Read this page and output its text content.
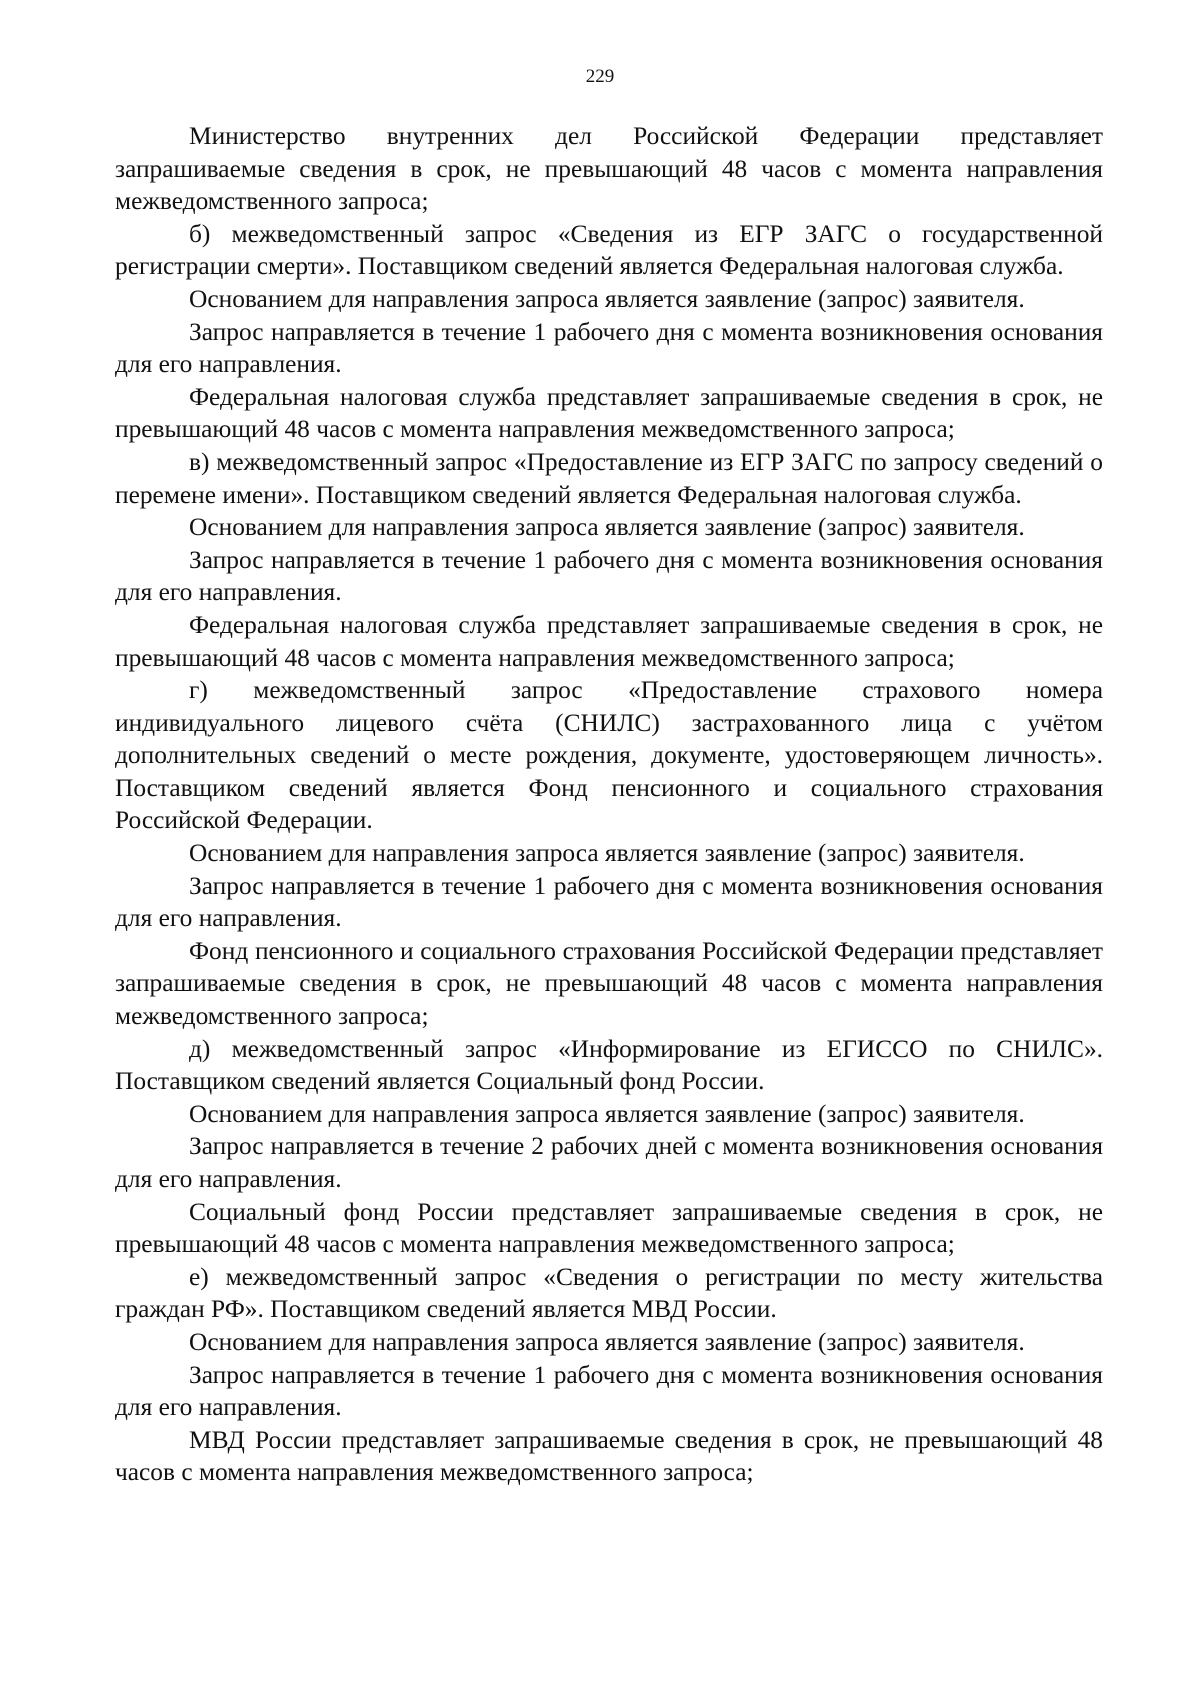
229

Министерство внутренних дел Российской Федерации представляет запрашиваемые сведения в срок, не превышающий 48 часов с момента направления межведомственного запроса;

б) межведомственный запрос «Сведения из ЕГР ЗАГС о государственной регистрации смерти». Поставщиком сведений является Федеральная налоговая служба.

Основанием для направления запроса является заявление (запрос) заявителя.

Запрос направляется в течение 1 рабочего дня с момента возникновения основания для его направления.

Федеральная налоговая служба представляет запрашиваемые сведения в срок, не превышающий 48 часов с момента направления межведомственного запроса;

в) межведомственный запрос «Предоставление из ЕГР ЗАГС по запросу сведений о перемене имени». Поставщиком сведений является Федеральная налоговая служба.

Основанием для направления запроса является заявление (запрос) заявителя.

Запрос направляется в течение 1 рабочего дня с момента возникновения основания для его направления.

Федеральная налоговая служба представляет запрашиваемые сведения в срок, не превышающий 48 часов с момента направления межведомственного запроса;

г) межведомственный запрос «Предоставление страхового номера индивидуального лицевого счёта (СНИЛС) застрахованного лица с учётом дополнительных сведений о месте рождения, документе, удостоверяющем личность». Поставщиком сведений является Фонд пенсионного и социального страхования Российской Федерации.

Основанием для направления запроса является заявление (запрос) заявителя.

Запрос направляется в течение 1 рабочего дня с момента возникновения основания для его направления.

Фонд пенсионного и социального страхования Российской Федерации представляет запрашиваемые сведения в срок, не превышающий 48 часов с момента направления межведомственного запроса;

д) межведомственный запрос «Информирование из ЕГИССО по СНИЛС». Поставщиком сведений является Социальный фонд России.

Основанием для направления запроса является заявление (запрос) заявителя.

Запрос направляется в течение 2 рабочих дней с момента возникновения основания для его направления.

Социальный фонд России представляет запрашиваемые сведения в срок, не превышающий 48 часов с момента направления межведомственного запроса;

е) межведомственный запрос «Сведения о регистрации по месту жительства граждан РФ». Поставщиком сведений является МВД России.

Основанием для направления запроса является заявление (запрос) заявителя.

Запрос направляется в течение 1 рабочего дня с момента возникновения основания для его направления.

МВД России представляет запрашиваемые сведения в срок, не превышающий 48 часов с момента направления межведомственного запроса;
